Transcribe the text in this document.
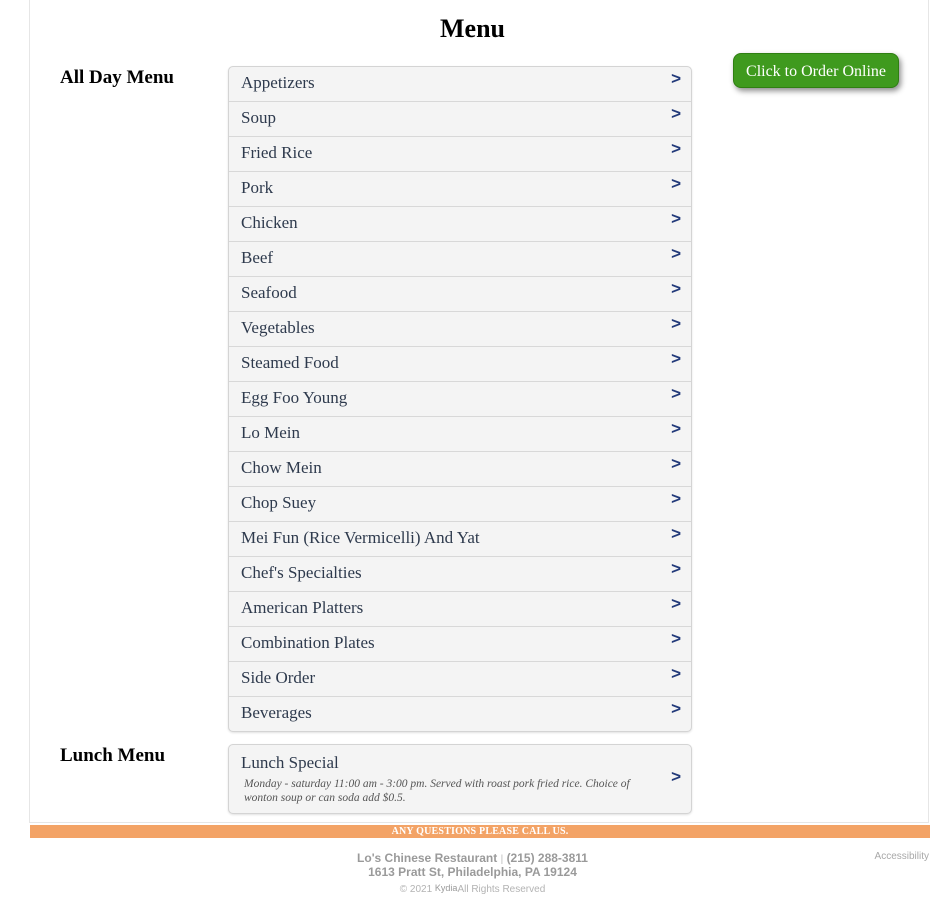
Menu
All Day Menu	Click to Order Online
Appetizers	>
Soup	>
Fried Rice	>
Pork	>
Chicken	>
Beef	>
Seafood	>
Vegetables	>
Steamed Food	>
Egg Foo Young	>
Lo Mein	>
Chow Mein	>
Chop Suey	>
Mei Fun (Rice Vermicelli) And Yat	>
Chef's Specialties	>
American Platters	>
Combination Plates	>
Side Order	>
Beverages	>
Lunch Menu	Lunch Special
Monday - saturday 11:00 am - 3:00 pm. Served with roast pork fried rice. Choice of wonton soup or can soda add $0.5.
>
ANY QUESTIONS PLEASE CALL US.
Lo's Chinese Restaurant | (215) 288-3811
1613 Pratt St, Philadelphia, PA 19124
© 2021 KydiaAll Rights Reserved
Accessibility
